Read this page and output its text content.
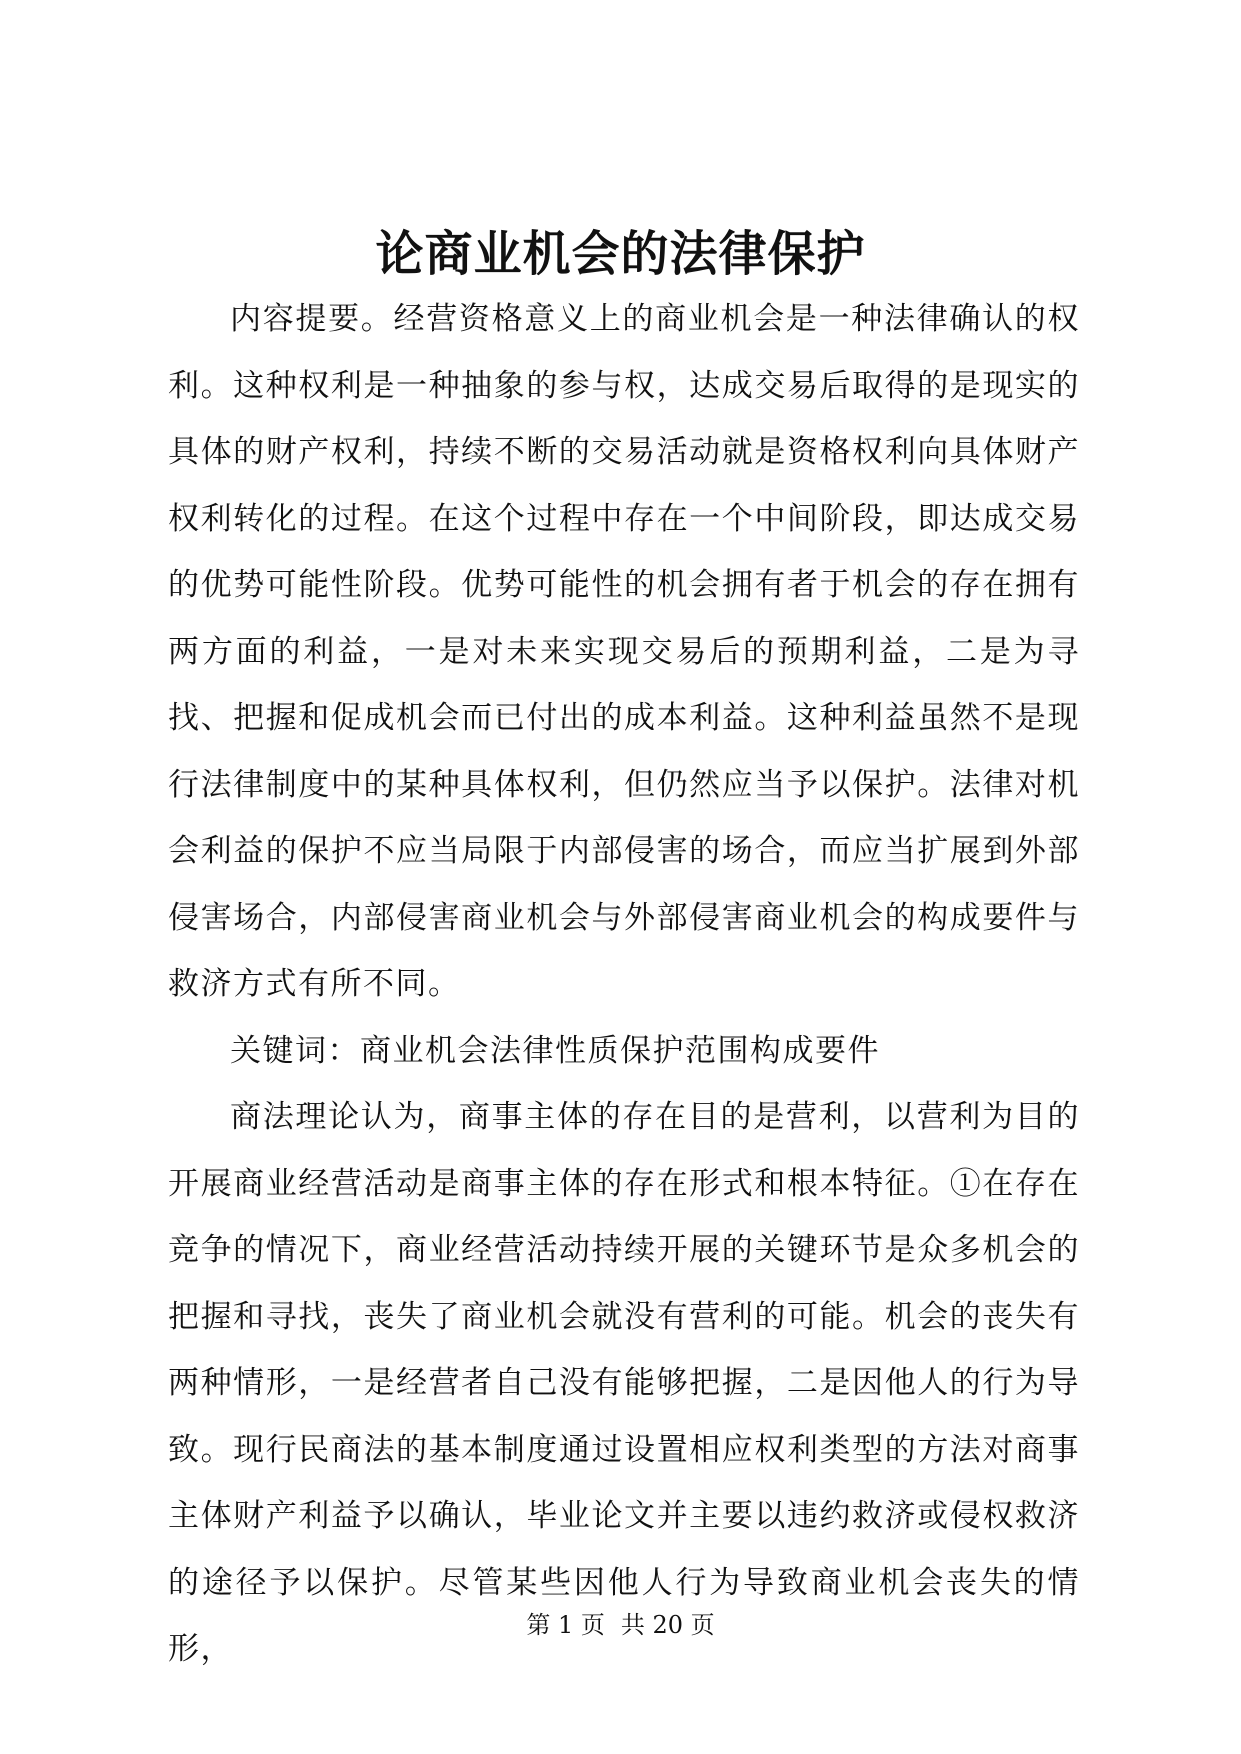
论商业机会的法律保护

内容提要。经营资格意义上的商业机会是一种法律确认的权利。这种权利是一种抽象的参与权，达成交易后取得的是现实的具体的财产权利，持续不断的交易活动就是资格权利向具体财产权利转化的过程。在这个过程中存在一个中间阶段，即达成交易的优势可能性阶段。优势可能性的机会拥有者于机会的存在拥有两方面的利益，一是对未来实现交易后的预期利益，二是为寻找、把握和促成机会而已付出的成本利益。这种利益虽然不是现行法律制度中的某种具体权利，但仍然应当予以保护。法律对机会利益的保护不应当局限于内部侵害的场合，而应当扩展到外部侵害场合，内部侵害商业机会与外部侵害商业机会的构成要件与救济方式有所不同。

关键词：商业机会法律性质保护范围构成要件

商法理论认为，商事主体的存在目的是营利，以营利为目的开展商业经营活动是商事主体的存在形式和根本特征。①在存在竞争的情况下，商业经营活动持续开展的关键环节是众多机会的把握和寻找，丧失了商业机会就没有营利的可能。机会的丧失有两种情形，一是经营者自己没有能够把握，二是因他人的行为导致。现行民商法的基本制度通过设置相应权利类型的方法对商事主体财产利益予以确认，毕业论文并主要以违约救济或侵权救济的途径予以保护。尽管某些因他人行为导致商业机会丧失的情形，

第 1 页 共 20 页
